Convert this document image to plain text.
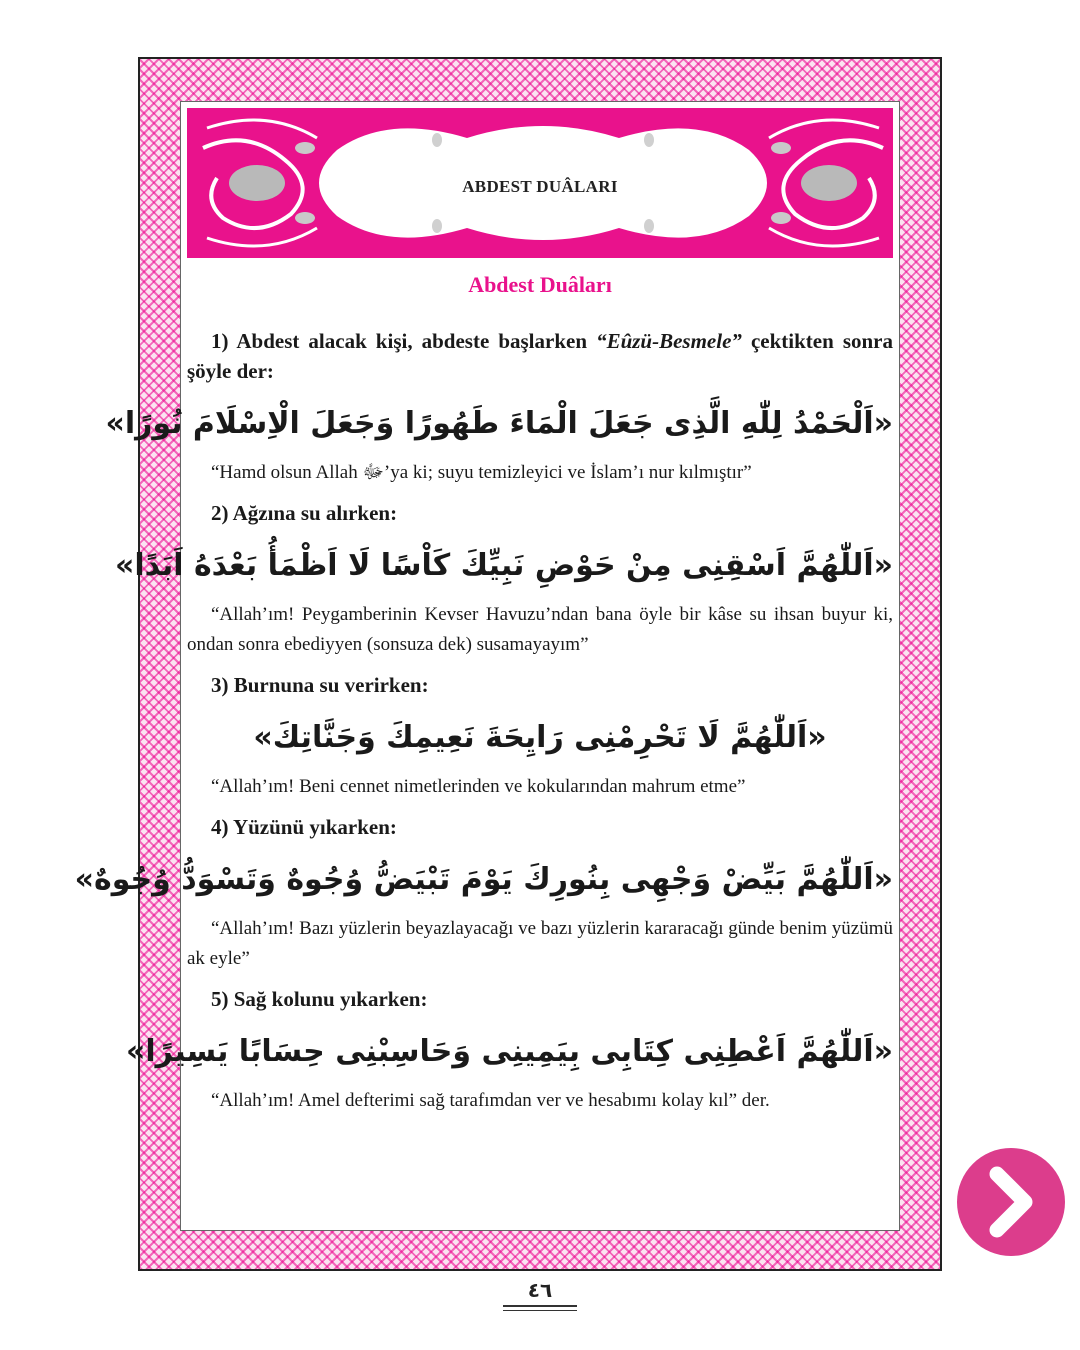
ABDEST DUÂLARI
Abdest Duâları

1) Abdest alacak kişi, abdeste başlarken “Eûzü-Besmele” çektikten sonra şöyle der:

«اَلْحَمْدُ لِلّٰهِ الَّذِى جَعَلَ الْمَاءَ طَهُورًا وَجَعَلَ الْاِسْلَامَ نُورًا»

“Hamd olsun Allah ﷻ’ya ki; suyu temizleyici ve İslam’ı nur kılmıştır”

2) Ağzına su alırken:

«اَللّٰهُمَّ اَسْقِنِى مِنْ حَوْضِ نَبِيِّكَ كَاْسًا لَا اَظْمَأُ بَعْدَهُ اَبَدًا»

“Allah’ım! Peygamberinin Kevser Havuzu’ndan bana öyle bir kâse su ihsan buyur ki, ondan sonra ebediyyen (sonsuza dek) susamayayım”

3) Burnuna su verirken:

«اَللّٰهُمَّ لَا تَحْرِمْنِى رَايِحَةَ نَعِيمِكَ وَجَنَّاتِكَ»

“Allah’ım! Beni cennet nimetlerinden ve kokularından mahrum etme”

4) Yüzünü yıkarken:

«اَللّٰهُمَّ بَيِّضْ وَجْهِى بِنُورِكَ يَوْمَ تَبْيَضُّ وُجُوهٌ وَتَسْوَدُّ وُجُوهٌ»

“Allah’ım! Bazı yüzlerin beyazlayacağı ve bazı yüzlerin kararacağı günde benim yüzümü ak eyle”

5) Sağ kolunu yıkarken:

«اَللّٰهُمَّ اَعْطِنِى كِتَابِى بِيَمِينِى وَحَاسِبْنِى حِسَابًا يَسِيرًا»

“Allah’ım! Amel defterimi sağ tarafımdan ver ve hesabımı kolay kıl” der.

٤٦
